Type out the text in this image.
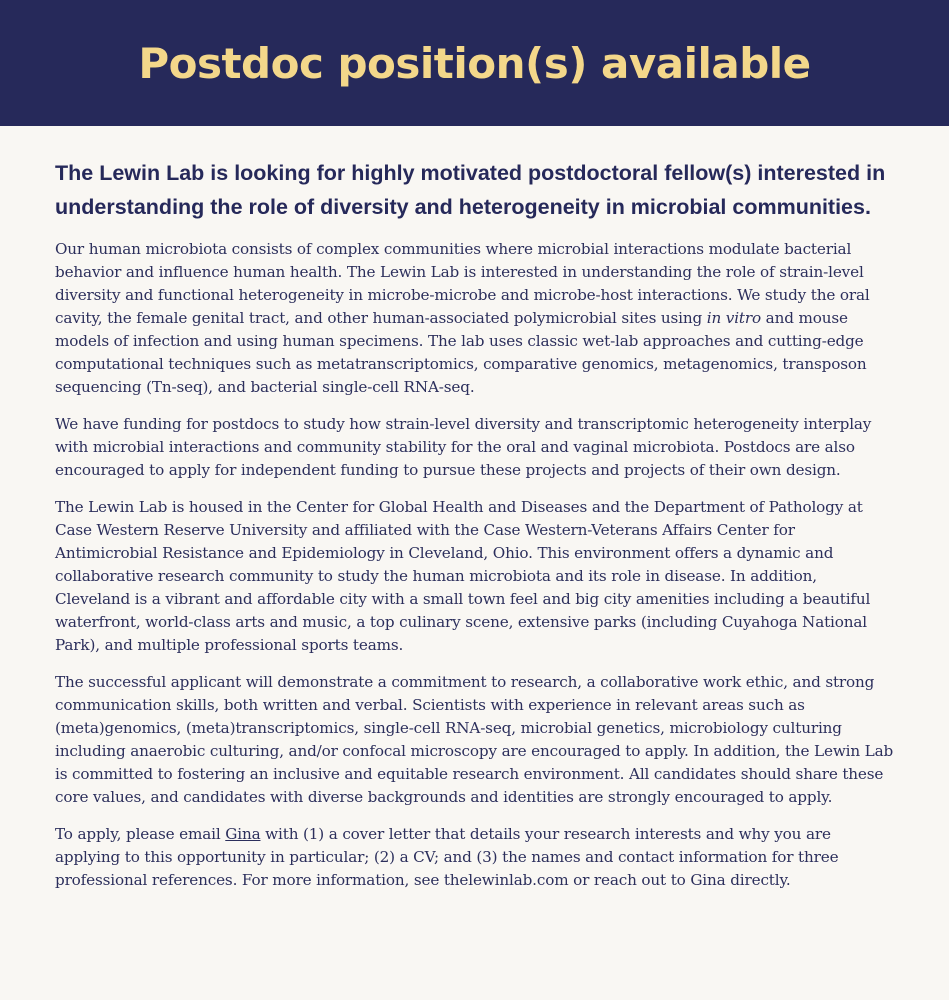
Postdoc position(s) available
The Lewin Lab is looking for highly motivated postdoctoral fellow(s) interested in understanding the role of diversity and heterogeneity in microbial communities.

Our human microbiota consists of complex communities where microbial interactions modulate bacterial behavior and influence human health. The Lewin Lab is interested in understanding the role of strain-level diversity and functional heterogeneity in microbe-microbe and microbe-host interactions. We study the oral cavity, the female genital tract, and other human-associated polymicrobial sites using in vitro and mouse models of infection and using human specimens. The lab uses classic wet-lab approaches and cutting-edge computational techniques such as metatranscriptomics, comparative genomics, metagenomics, transposon sequencing (Tn-seq), and bacterial single-cell RNA-seq.

We have funding for postdocs to study how strain-level diversity and transcriptomic heterogeneity interplay with microbial interactions and community stability for the oral and vaginal microbiota. Postdocs are also encouraged to apply for independent funding to pursue these projects and projects of their own design.

The Lewin Lab is housed in the Center for Global Health and Diseases and the Department of Pathology at Case Western Reserve University and affiliated with the Case Western-Veterans Affairs Center for Antimicrobial Resistance and Epidemiology in Cleveland, Ohio. This environment offers a dynamic and collaborative research community to study the human microbiota and its role in disease. In addition, Cleveland is a vibrant and affordable city with a small town feel and big city amenities including a beautiful waterfront, world-class arts and music, a top culinary scene, extensive parks (including Cuyahoga National Park), and multiple professional sports teams.

The successful applicant will demonstrate a commitment to research, a collaborative work ethic, and strong communication skills, both written and verbal. Scientists with experience in relevant areas such as (meta)genomics, (meta)transcriptomics, single-cell RNA-seq, microbial genetics, microbiology culturing including anaerobic culturing, and/or confocal microscopy are encouraged to apply. In addition, the Lewin Lab is committed to fostering an inclusive and equitable research environment. All candidates should share these core values, and candidates with diverse backgrounds and identities are strongly encouraged to apply.

To apply, please email Gina with (1) a cover letter that details your research interests and why you are applying to this opportunity in particular; (2) a CV; and (3) the names and contact information for three professional references. For more information, see thelewinlab.com or reach out to Gina directly.
